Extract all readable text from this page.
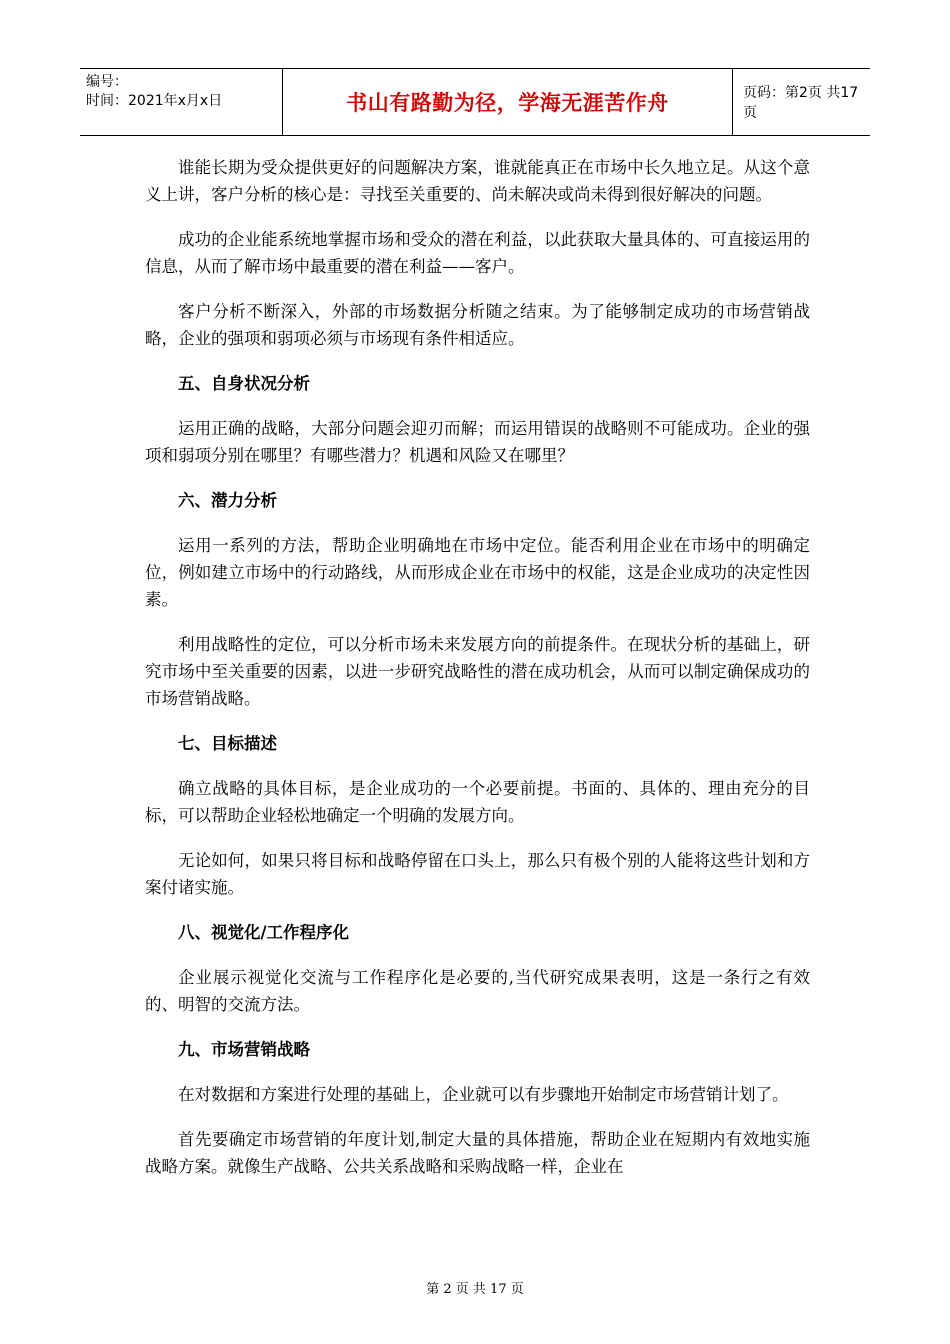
编号：
时间：2021年x月x日	书山有路勤为径，学海无涯苦作舟	页码：第2页 共17页

谁能长期为受众提供更好的问题解决方案，谁就能真正在市场中长久地立足。从这个意义上讲，客户分析的核心是：寻找至关重要的、尚未解决或尚未得到很好解决的问题。

成功的企业能系统地掌握市场和受众的潜在利益，以此获取大量具体的、可直接运用的信息，从而了解市场中最重要的潜在利益——客户。

客户分析不断深入，外部的市场数据分析随之结束。为了能够制定成功的市场营销战略，企业的强项和弱项必须与市场现有条件相适应。

五、自身状况分析

运用正确的战略，大部分问题会迎刃而解；而运用错误的战略则不可能成功。企业的强项和弱项分别在哪里？有哪些潜力？机遇和风险又在哪里？

六、潜力分析

运用一系列的方法，帮助企业明确地在市场中定位。能否利用企业在市场中的明确定位，例如建立市场中的行动路线，从而形成企业在市场中的权能，这是企业成功的决定性因素。

利用战略性的定位，可以分析市场未来发展方向的前提条件。在现状分析的基础上，研究市场中至关重要的因素，以进一步研究战略性的潜在成功机会，从而可以制定确保成功的市场营销战略。

七、目标描述

确立战略的具体目标，是企业成功的一个必要前提。书面的、具体的、理由充分的目标，可以帮助企业轻松地确定一个明确的发展方向。

无论如何，如果只将目标和战略停留在口头上，那么只有极个别的人能将这些计划和方案付诸实施。

八、视觉化/工作程序化

企业展示视觉化交流与工作程序化是必要的,当代研究成果表明，这是一条行之有效的、明智的交流方法。

九、市场营销战略

在对数据和方案进行处理的基础上，企业就可以有步骤地开始制定市场营销计划了。

首先要确定市场营销的年度计划,制定大量的具体措施，帮助企业在短期内有效地实施战略方案。就像生产战略、公共关系战略和采购战略一样，企业在

第 2 页 共 17 页
